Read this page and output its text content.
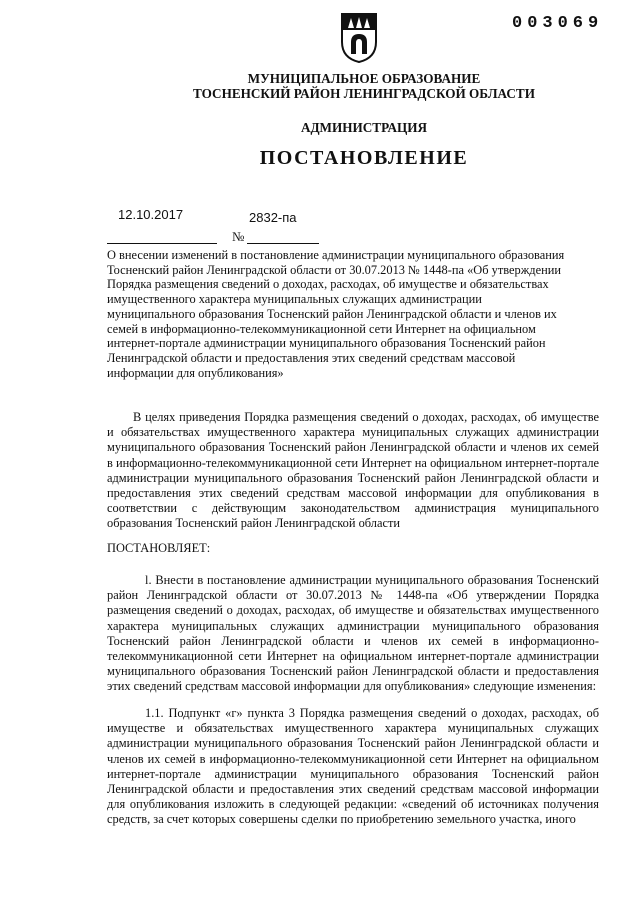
003069
МУНИЦИПАЛЬНОЕ ОБРАЗОВАНИЕ
ТОСНЕНСКИЙ РАЙОН ЛЕНИНГРАДСКОЙ ОБЛАСТИ
АДМИНИСТРАЦИЯ
ПОСТАНОВЛЕНИЕ
12.10.2017	2832-па
№
О внесении изменений в постановление администрации муниципального образования Тосненский район Ленинградской области от 30.07.2013 № 1448-па «Об утверждении Порядка размещения сведений о доходах, расходах, об имуществе и обязательствах имущественного характера муниципальных служащих администрации муниципального образования Тосненский район Ленинградской области и членов их семей в информационно-телекоммуникационной сети Интернет на официальном интернет-портале администрации муниципального образования Тосненский район Ленинградской области и предоставления этих сведений средствам массовой информации для опубликования»
В целях приведения Порядка размещения сведений о доходах, расходах, об имуществе и обязательствах имущественного характера муниципальных служащих администрации муниципального образования Тосненский район Ленинградской области и членов их семей в информационно-телекоммуникационной сети Интернет на официальном интернет-портале администрации муниципального образования Тосненский район Ленинградской области и предоставления этих сведений средствам массовой информации для опубликования в соответствии с действующим законодательством администрация муниципального образования Тосненский район Ленинградской области
ПОСТАНОВЛЯЕТ:
l. Внести в постановление администрации муниципального образования Тосненский район Ленинградской области от 30.07.2013 № 1448-па «Об утверждении Порядка размещения сведений о доходах, расходах, об имуществе и обязательствах имущественного характера муниципальных служащих администрации муниципального образования Тосненский район Ленинградской области и членов их семей в информационно-телекоммуникационной сети Интернет на официальном интернет-портале администрации муниципального образования Тосненский район Ленинградской области и предоставления этих сведений средствам массовой информации для опубликования» следующие изменения:
1.1. Подпункт «г» пункта 3 Порядка размещения сведений о доходах, расходах, об имуществе и обязательствах имущественного характера муниципальных служащих администрации муниципального образования Тосненский район Ленинградской области и членов их семей в информационно-телекоммуникационной сети Интернет на официальном интернет-портале администрации муниципального образования Тосненский район Ленинградской области и предоставления этих сведений средствам массовой информации для опубликования изложить в следующей редакции: «сведений об источниках получения средств, за счет которых совершены сделки по приобретению земельного участка, иного
